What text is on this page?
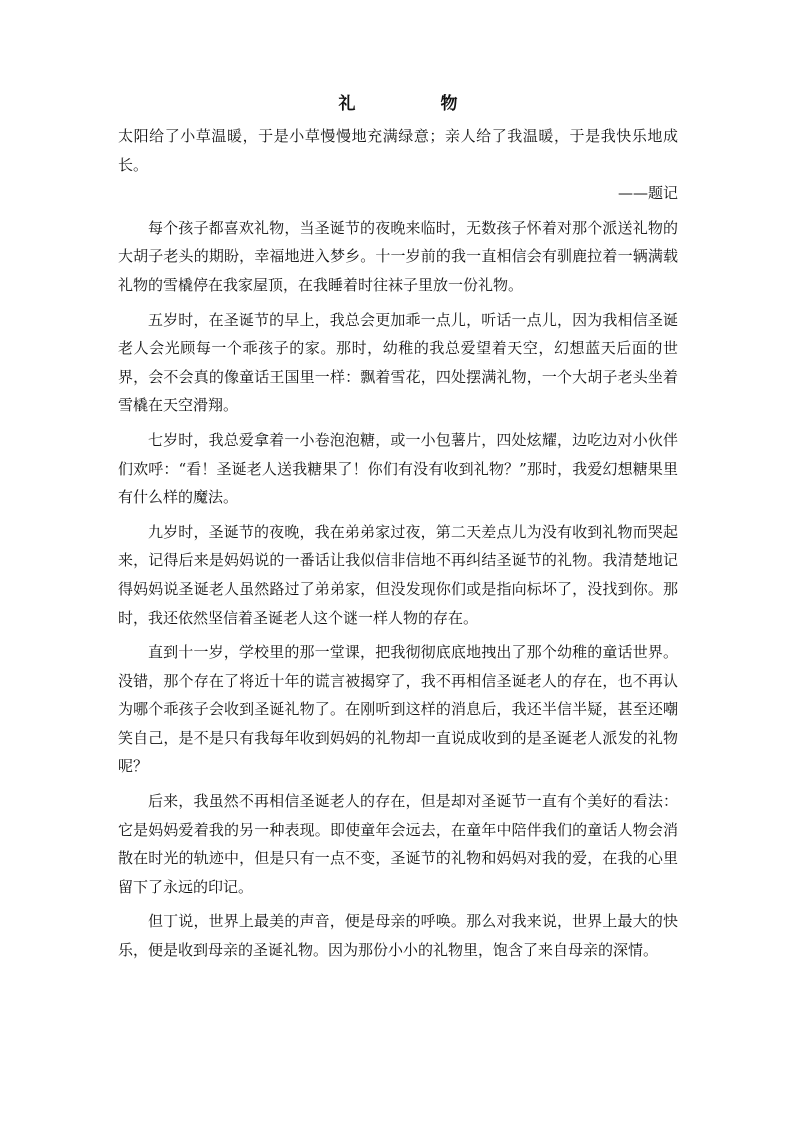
礼　物

太阳给了小草温暖，于是小草慢慢地充满绿意；亲人给了我温暖，于是我快乐地成长。

——题记

每个孩子都喜欢礼物，当圣诞节的夜晚来临时，无数孩子怀着对那个派送礼物的大胡子老头的期盼，幸福地进入梦乡。十一岁前的我一直相信会有驯鹿拉着一辆满载礼物的雪橇停在我家屋顶，在我睡着时往袜子里放一份礼物。

五岁时，在圣诞节的早上，我总会更加乖一点儿，听话一点儿，因为我相信圣诞老人会光顾每一个乖孩子的家。那时，幼稚的我总爱望着天空，幻想蓝天后面的世界，会不会真的像童话王国里一样：飘着雪花，四处摆满礼物，一个大胡子老头坐着雪橇在天空滑翔。

七岁时，我总爱拿着一小卷泡泡糖，或一小包薯片，四处炫耀，边吃边对小伙伴们欢呼：“看！圣诞老人送我糖果了！你们有没有收到礼物？”那时，我爱幻想糖果里有什么样的魔法。

九岁时，圣诞节的夜晚，我在弟弟家过夜，第二天差点儿为没有收到礼物而哭起来，记得后来是妈妈说的一番话让我似信非信地不再纠结圣诞节的礼物。我清楚地记得妈妈说圣诞老人虽然路过了弟弟家，但没发现你们或是指向标坏了，没找到你。那时，我还依然坚信着圣诞老人这个谜一样人物的存在。

直到十一岁，学校里的那一堂课，把我彻彻底底地拽出了那个幼稚的童话世界。没错，那个存在了将近十年的谎言被揭穿了，我不再相信圣诞老人的存在，也不再认为哪个乖孩子会收到圣诞礼物了。在刚听到这样的消息后，我还半信半疑，甚至还嘲笑自己，是不是只有我每年收到妈妈的礼物却一直说成收到的是圣诞老人派发的礼物呢？

后来，我虽然不再相信圣诞老人的存在，但是却对圣诞节一直有个美好的看法：它是妈妈爱着我的另一种表现。即使童年会远去，在童年中陪伴我们的童话人物会消散在时光的轨迹中，但是只有一点不变，圣诞节的礼物和妈妈对我的爱，在我的心里留下了永远的印记。

但丁说，世界上最美的声音，便是母亲的呼唤。那么对我来说，世界上最大的快乐，便是收到母亲的圣诞礼物。因为那份小小的礼物里，饱含了来自母亲的深情。
